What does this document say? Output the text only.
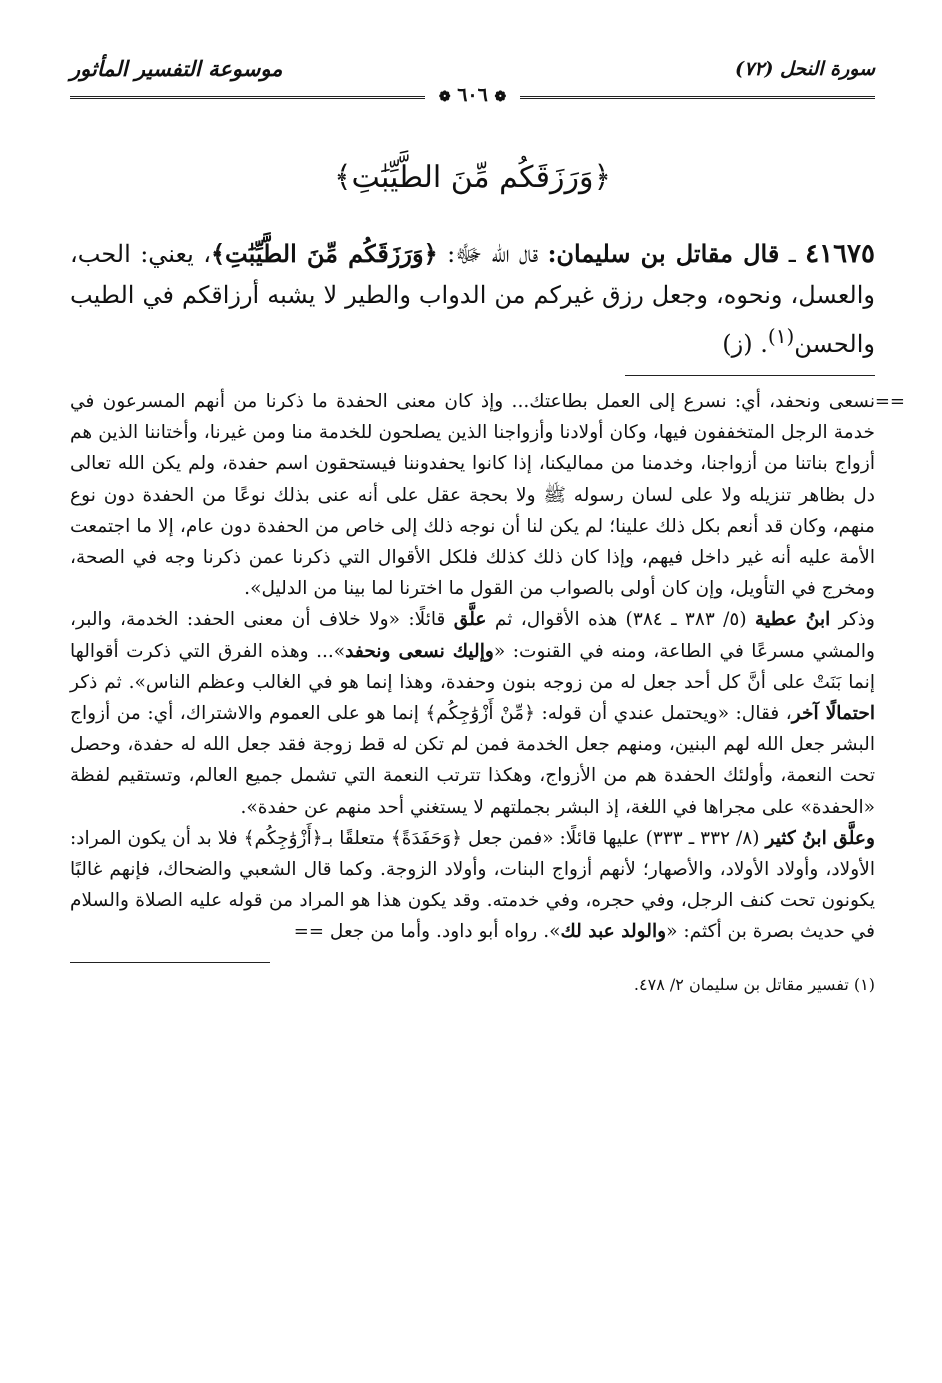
سورة النحل (٧٢)
موسوعة التفسير المأثور
❁ ٦٠٦ ❁
﴿وَرَزَقَكُم مِّنَ الطَّيِّبَٰتِ﴾
٤١٦٧٥ ـ قال مقاتل بن سليمان: قال الله ﷻ: ﴿وَرَزَقَكُم مِّنَ الطَّيِّبَٰتِ﴾، يعني: الحب، والعسل، ونحوه، وجعل رزق غيركم من الدواب والطير لا يشبه أرزاقكم في الطيب والحسن$^{(١)}$. (ز)
==

نسعى ونحفد، أي: نسرع إلى العمل بطاعتك... وإذ كان معنى الحفدة ما ذكرنا من أنهم المسرعون في خدمة الرجل المتخففون فيها، وكان أولادنا وأزواجنا الذين يصلحون للخدمة منا ومن غيرنا، وأختاننا الذين هم أزواج بناتنا من أزواجنا، وخدمنا من مماليكنا، إذا كانوا يحفدوننا فيستحقون اسم حفدة، ولم يكن الله تعالى دل بظاهر تنزيله ولا على لسان رسوله ﷺ ولا بحجة عقل على أنه عنى بذلك نوعًا من الحفدة دون نوع منهم، وكان قد أنعم بكل ذلك علينا؛ لم يكن لنا أن نوجه ذلك إلى خاص من الحفدة دون عام، إلا ما اجتمعت الأمة عليه أنه غير داخل فيهم، وإذا كان ذلك كذلك فلكل الأقوال التي ذكرنا عمن ذكرنا وجه في الصحة، ومخرج في التأويل، وإن كان أولى بالصواب من القول ما اخترنا لما بينا من الدليل».

وذكر ابنُ عطية (٥/ ٣٨٣ ـ ٣٨٤) هذه الأقوال، ثم علَّق قائلًا: «ولا خلاف أن معنى الحفد: الخدمة، والبر، والمشي مسرعًا في الطاعة، ومنه في القنوت: «وإليك نسعى ونحفد»... وهذه الفرق التي ذكرت أقوالها إنما بَنَتْ على أنَّ كل أحد جعل له من زوجه بنون وحفدة، وهذا إنما هو في الغالب وعظم الناس». ثم ذكر احتمالًا آخر، فقال: «ويحتمل عندي أن قوله: ﴿مِّنْ أَزْوَٰجِكُم﴾ إنما هو على العموم والاشتراك، أي: من أزواج البشر جعل الله لهم البنين، ومنهم جعل الخدمة فمن لم تكن له قط زوجة فقد جعل الله له حفدة، وحصل تحت النعمة، وأولئك الحفدة هم من الأزواج، وهكذا تترتب النعمة التي تشمل جميع العالم، وتستقيم لفظة «الحفدة» على مجراها في اللغة، إذ البشر بجملتهم لا يستغني أحد منهم عن حفدة».

وعلَّق ابنُ كثير (٨/ ٣٣٢ ـ ٣٣٣) عليها قائلًا: «فمن جعل ﴿وَحَفَدَةً﴾ متعلقًا بـ﴿أَزْوَٰجِكُم﴾ فلا بد أن يكون المراد: الأولاد، وأولاد الأولاد، والأصهار؛ لأنهم أزواج البنات، وأولاد الزوجة. وكما قال الشعبي والضحاك، فإنهم غالبًا يكونون تحت كنف الرجل، وفي حجره، وفي خدمته. وقد يكون هذا هو المراد من قوله عليه الصلاة والسلام في حديث بصرة بن أكثم: «والولد عبد لك». رواه أبو داود. وأما من جعل ==

(١) تفسير مقاتل بن سليمان ٢/ ٤٧٨.
